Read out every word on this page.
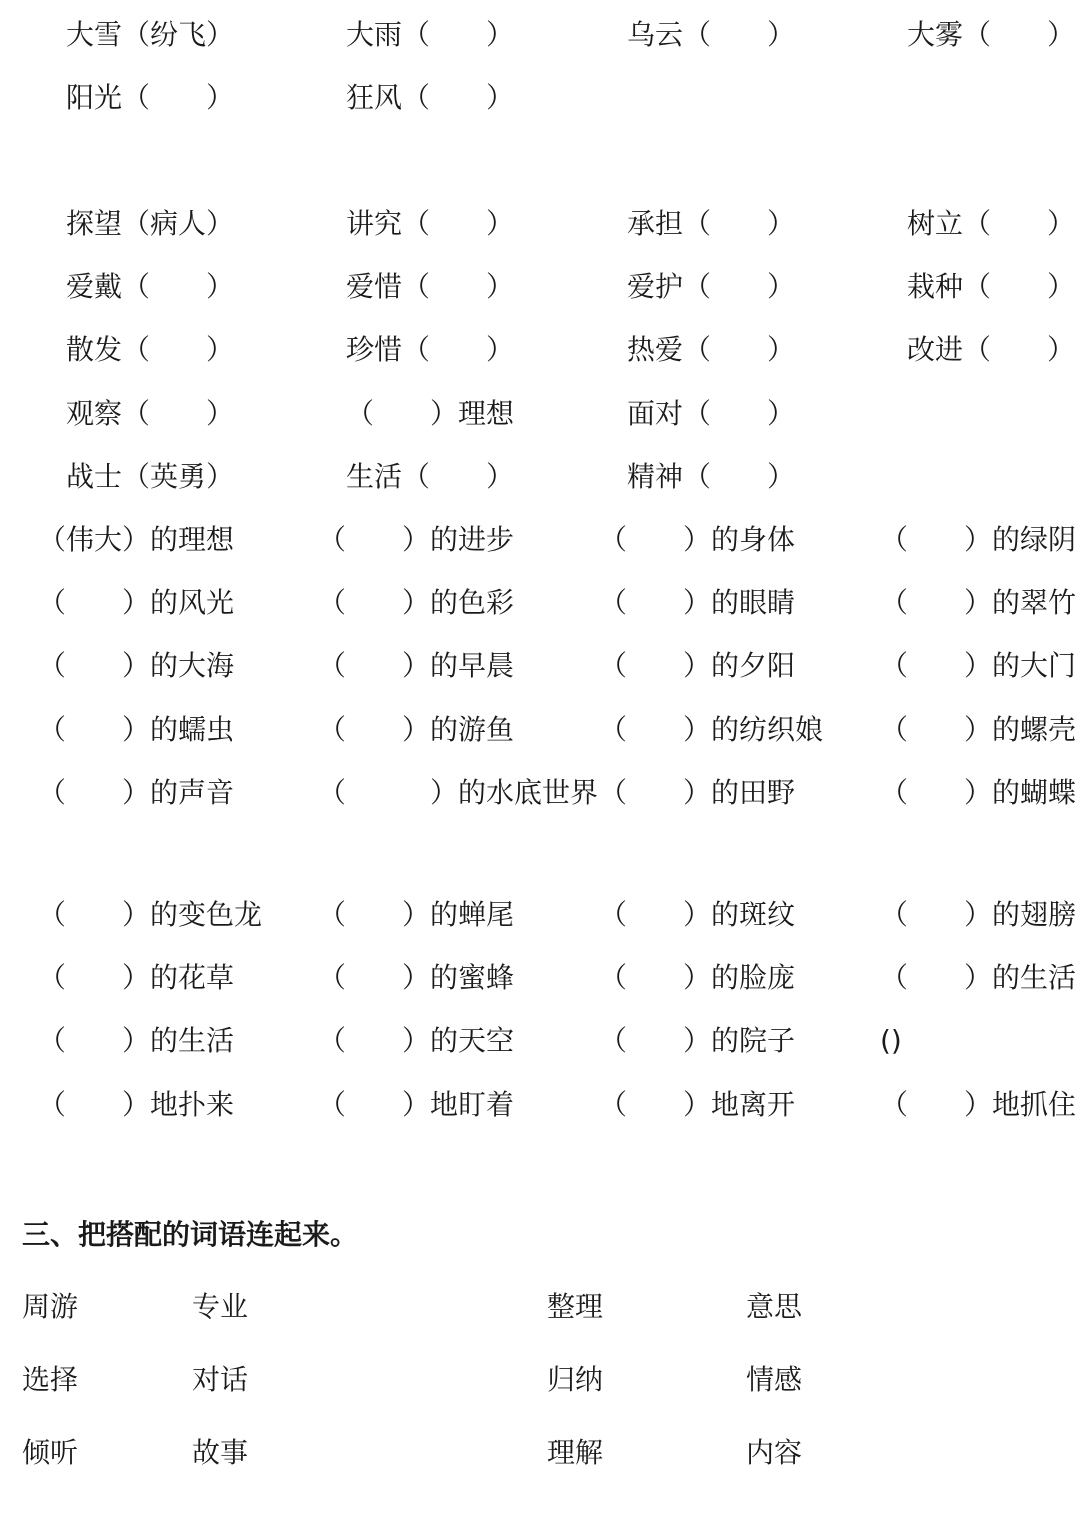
大雪（纷飞）	大雨（　　）	乌云（　　）	大雾（　　）
阳光（　　）	狂风（　　）
探望（病人）	讲究（　　）	承担（　　）	树立（　　）
爱戴（　　）	爱惜（　　）	爱护（　　）	栽种（　　）
散发（　　）	珍惜（　　）	热爱（　　）	改进（　　）
观察（　　）	（　　）理想	面对（　　）
战士（英勇）	生活（　　）	精神（　　）
（伟大）的理想	（　　）的进步	（　　）的身体	（　　）的绿阴
（　　）的风光	（　　）的色彩	（　　）的眼睛	（　　）的翠竹
（　　）的大海	（　　）的早晨	（　　）的夕阳	（　　）的大门
（　　）的蠕虫	（　　）的游鱼	（　　）的纺织娘 （　　）的螺壳
（　　）的声音	（　　　）的水底世界 （　　）的田野	（　　）的蝴蝶
（　　）的变色龙 （　　）的蝉尾	（　　）的斑纹	（　　）的翅膀
（　　）的花草	（　　）的蜜蜂	（　　）的脸庞	（　　）的生活
（　　）的生活	（　　）的天空	（　　）的院子	()
（　　）地扑来	（　　）地盯着	（　　）地离开	（　　）地抓住
三、把搭配的词语连起来。
周游	专业	整理	意思
选择	对话	归纳	情感
倾听	故事	理解	内容
